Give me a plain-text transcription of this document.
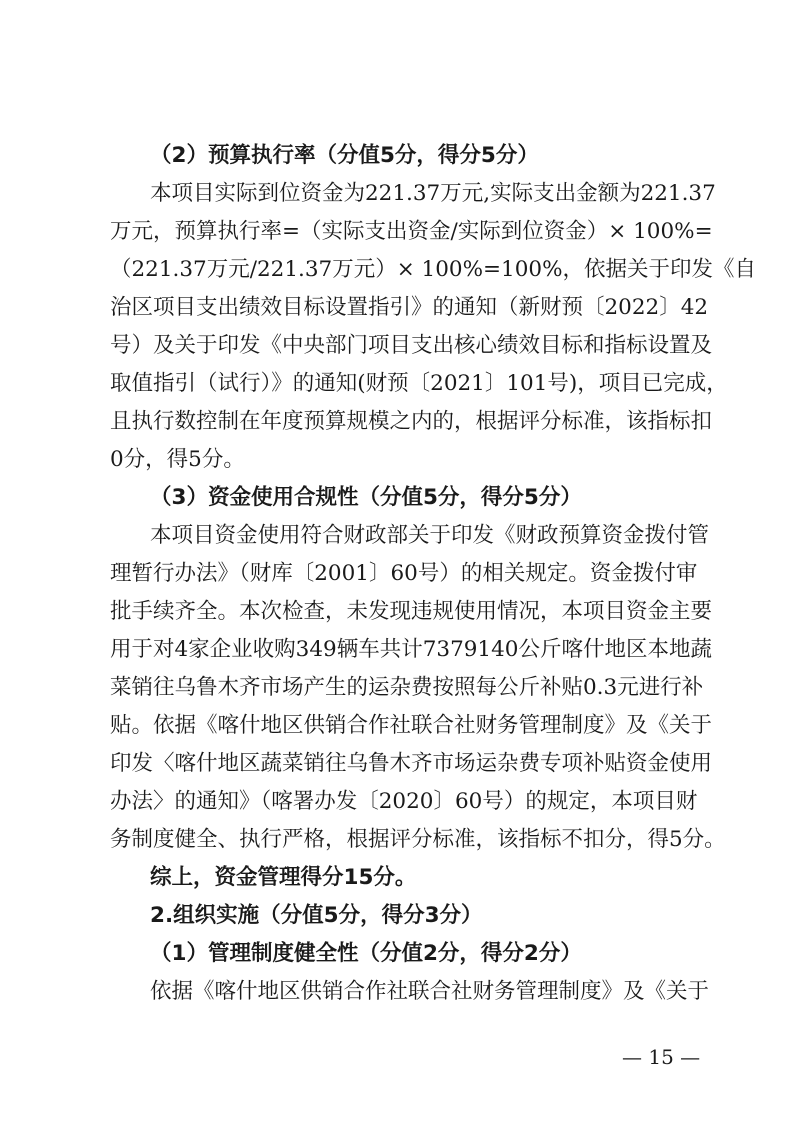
（2）预算执行率（分值5分，得分5分）
本项目实际到位资金为221.37万元,实际支出金额为221.37
万元，预算执行率=（实际支出资金/实际到位资金）× 100%=
（221.37万元/221.37万元）× 100%=100%，依据关于印发《自
治区项目支出绩效目标设置指引》的通知（新财预〔2022〕42
号）及关于印发《中央部门项目支出核心绩效目标和指标设置及
取值指引（试行）》的通知(财预〔2021〕101号)，项目已完成，
且执行数控制在年度预算规模之内的，根据评分标准，该指标扣
0分，得5分。
（3）资金使用合规性（分值5分，得分5分）
本项目资金使用符合财政部关于印发《财政预算资金拨付管
理暂行办法》（财库〔2001〕60号）的相关规定。资金拨付审
批手续齐全。本次检查，未发现违规使用情况，本项目资金主要
用于对4家企业收购349辆车共计7379140公斤喀什地区本地蔬
菜销往乌鲁木齐市场产生的运杂费按照每公斤补贴0.3元进行补
贴。依据《喀什地区供销合作社联合社财务管理制度》及《关于
印发〈喀什地区蔬菜销往乌鲁木齐市场运杂费专项补贴资金使用
办法〉的通知》（喀署办发〔2020〕60号）的规定，本项目财
务制度健全、执行严格，根据评分标准，该指标不扣分，得5分。
综上，资金管理得分15分。
2.组织实施（分值5分，得分3分）
（1）管理制度健全性（分值2分，得分2分）
依据《喀什地区供销合作社联合社财务管理制度》及《关于
— 15 —
